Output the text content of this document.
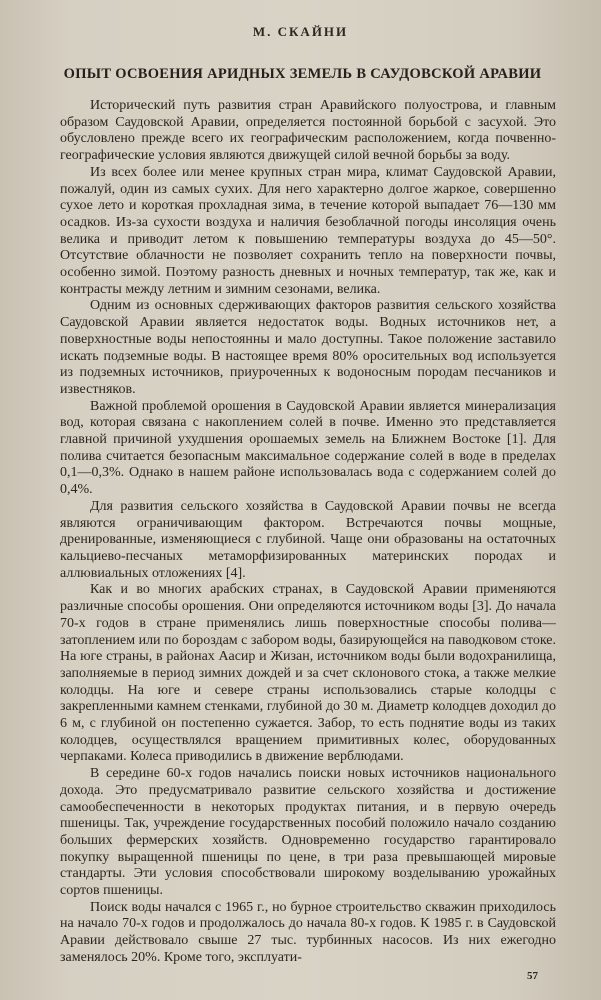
М. СКАЙНИ
ОПЫТ ОСВОЕНИЯ АРИДНЫХ ЗЕМЕЛЬ В САУДОВСКОЙ АРАВИИ

Исторический путь развития стран Аравийского полуострова, и главным образом Саудовской Аравии, определяется постоянной борьбой с засухой. Это обусловлено прежде всего их географическим расположением, когда почвенно-географические условия являются движущей силой вечной борьбы за воду.

Из всех более или менее крупных стран мира, климат Саудовской Аравии, пожалуй, один из самых сухих. Для него характерно долгое жаркое, совершенно сухое лето и короткая прохладная зима, в течение которой выпадает 76—130 мм осадков. Из-за сухости воздуха и наличия безоблачной погоды инсоляция очень велика и приводит летом к повышению температуры воздуха до 45—50°. Отсутствие облачности не позволяет сохранить тепло на поверхности почвы, особенно зимой. Поэтому разность дневных и ночных температур, так же, как и контрасты между летним и зимним сезонами, велика.

Одним из основных сдерживающих факторов развития сельского хозяйства Саудовской Аравии является недостаток воды. Водных источников нет, а поверхностные воды непостоянны и мало доступны. Такое положение заставило искать подземные воды. В настоящее время 80% оросительных вод используется из подземных источников, приуроченных к водоносным породам песчаников и известняков.

Важной проблемой орошения в Саудовской Аравии является минерализация вод, которая связана с накоплением солей в почве. Именно это представляется главной причиной ухудшения орошаемых земель на Ближнем Востоке [1]. Для полива считается безопасным максимальное содержание солей в воде в пределах 0,1—0,3%. Однако в нашем районе использовалась вода с содержанием солей до 0,4%.

Для развития сельского хозяйства в Саудовской Аравии почвы не всегда являются ограничивающим фактором. Встречаются почвы мощные, дренированные, изменяющиеся с глубиной. Чаще они образованы на остаточных кальциево-песчаных метаморфизированных материнских породах и аллювиальных отложениях [4].

Как и во многих арабских странах, в Саудовской Аравии применяются различные способы орошения. Они определяются источником воды [3]. До начала 70-х годов в стране применялись лишь поверхностные способы полива—затоплением или по бороздам с забором воды, базирующейся на паводковом стоке. На юге страны, в районах Аасир и Жизан, источником воды были водохранилища, заполняемые в период зимних дождей и за счет склонового стока, а также мелкие колодцы. На юге и севере страны использовались старые колодцы с закрепленными камнем стенками, глубиной до 30 м. Диаметр колодцев доходил до 6 м, с глубиной он постепенно сужается. Забор, то есть поднятие воды из таких колодцев, осуществлялся вращением примитивных колес, оборудованных черпаками. Колеса приводились в движение верблюдами.

В середине 60-х годов начались поиски новых источников национального дохода. Это предусматривало развитие сельского хозяйства и достижение самообеспеченности в некоторых продуктах питания, и в первую очередь пшеницы. Так, учреждение государственных пособий положило начало созданию больших фермерских хозяйств. Одновременно государство гарантировало покупку выращенной пшеницы по цене, в три раза превышающей мировые стандарты. Эти условия способствовали широкому возделыванию урожайных сортов пшеницы.

Поиск воды начался с 1965 г., но бурное строительство скважин приходилось на начало 70-х годов и продолжалось до начала 80-х годов. К 1985 г. в Саудовской Аравии действовало свыше 27 тыс. турбинных насосов. Из них ежегодно заменялось 20%. Кроме того, эксплуати-

57
